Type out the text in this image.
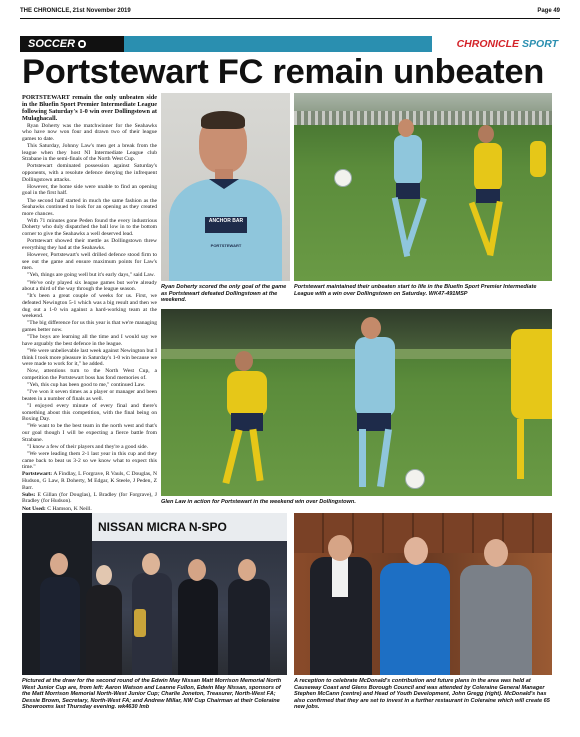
THE CHRONICLE, 21st November 2019	Page 49
SOCCER	CHRONICLE SPORT
Portstewart FC remain unbeaten

PORTSTEWART remain the only unbeaten side in the Bluefin Sport Premier Intermediate League following Saturday's 1-0 win over Dollingstown at Mulaghacall.

Ryan Doherty was the matchwinner for the Seahawks who have now won four and drawn two of their league games to date.

This Saturday, Johnny Law's men get a break from the league when they host NI Intermediate League club Strabane in the semi-finals of the North West Cup.

Portstewart dominated possession against Saturday's opponents, with a resolute defence denying the infrequent Dollingstown attacks.

However, the home side were unable to find an opening goal in the first half.

The second half started in much the same fashion as the Seahawks continued to look for an opening as they created more chances.

With 71 minutes gone Peden found the every industrious Doherty who duly dispatched the ball low in to the bottom corner to give the Seahawks a well deserved lead.

Portstewart showed their mettle as Dollingstown threw everything they had at the Seahawks.

However, Portstewart's well drilled defence stood firm to see out the game and ensure maximum points for Law's men.

"Yeh, things are going well but it's early days," said Law.

"We've only played six league games but we're already about a third of the way through the league season.

"It's been a great couple of weeks for us. First, we defeated Newington 5-1 which was a big result and then we dug out a 1-0 win against a hard-working team at the weekend.

"The big difference for us this year is that we're managing games better now.

"The boys are learning all the time and I would say we have arguably the best defence in the league.

"We were unbelievable last week against Newington but I think I took more pleasure in Saturday's 1-0 win because we were made to work for it," he added.

Now, attentions turn to the North West Cup, a competition the Portstewart boss has fond memories of.

"Yeh, this cup has been good to me," continued Law.

"I've won it seven times as a player or manager and been beaten in a number of finals as well.

"I enjoyed every minute of every final and there's something about this competition, with the final being on Boxing Day.

"We want to be the best team in the north west and that's our goal though I will be expecting a fierce battle from Strabane.

"I know a few of their players and they're a good side.

"We were leading them 2-1 last year in this cup and they came back to beat us 3-2 so we know what to expect this time."

Portstewart: A Findlay, L Forgrave, R Vauls, C Douglas, N Hudson, G Law, R Doherty, M Edgar, K Steele, J Peden, Z Barr.

Subs: E Gillan (for Douglas), L Bradley (for Forgrave), J Bradley (for Hudson).

Not Used: C Hamson, K Neill.

ANCHOR BAR
PORTSTEWART
Ryan Doherty scored the only goal of the game as Portstewart defeated Dollingstown at the weekend.
Portstewart maintained their unbeaten start to life in the Bluefin Sport Premier Intermediate League with a win over Dollingstown on Saturday. WK47-491MSP
Glen Law in action for Portstewart in the weekend win over Dollingstown.
NISSAN MICRA N-SPO
Pictured at the draw for the second round of the Edwin May Nissan Matt Morrison Memorial North West Junior Cup are, from left: Aaron Watson and Leanne Fullon, Edwin May Nissan, sponsors of the Matt Morrison Memorial North-West Junior Cup; Charlie Joneton, Treasurer, North-West FA; Dessie Brown, Secretary, North-West FA; and Andrew Millar, NW Cup Chairman at their Coleraine Showrooms last Thursday evening. wk4630 lmb
A reception to celebrate McDonald's contribution and future plans in the area was held at Causeway Coast and Glens Borough Council and was attended by Coleraine General Manager Stephen McCann (centre) and Head of Youth Development, John Gregg (right). McDonald's has also confirmed that they are set to invest in a further restaurant in Coleraine which will create 65 new jobs.
